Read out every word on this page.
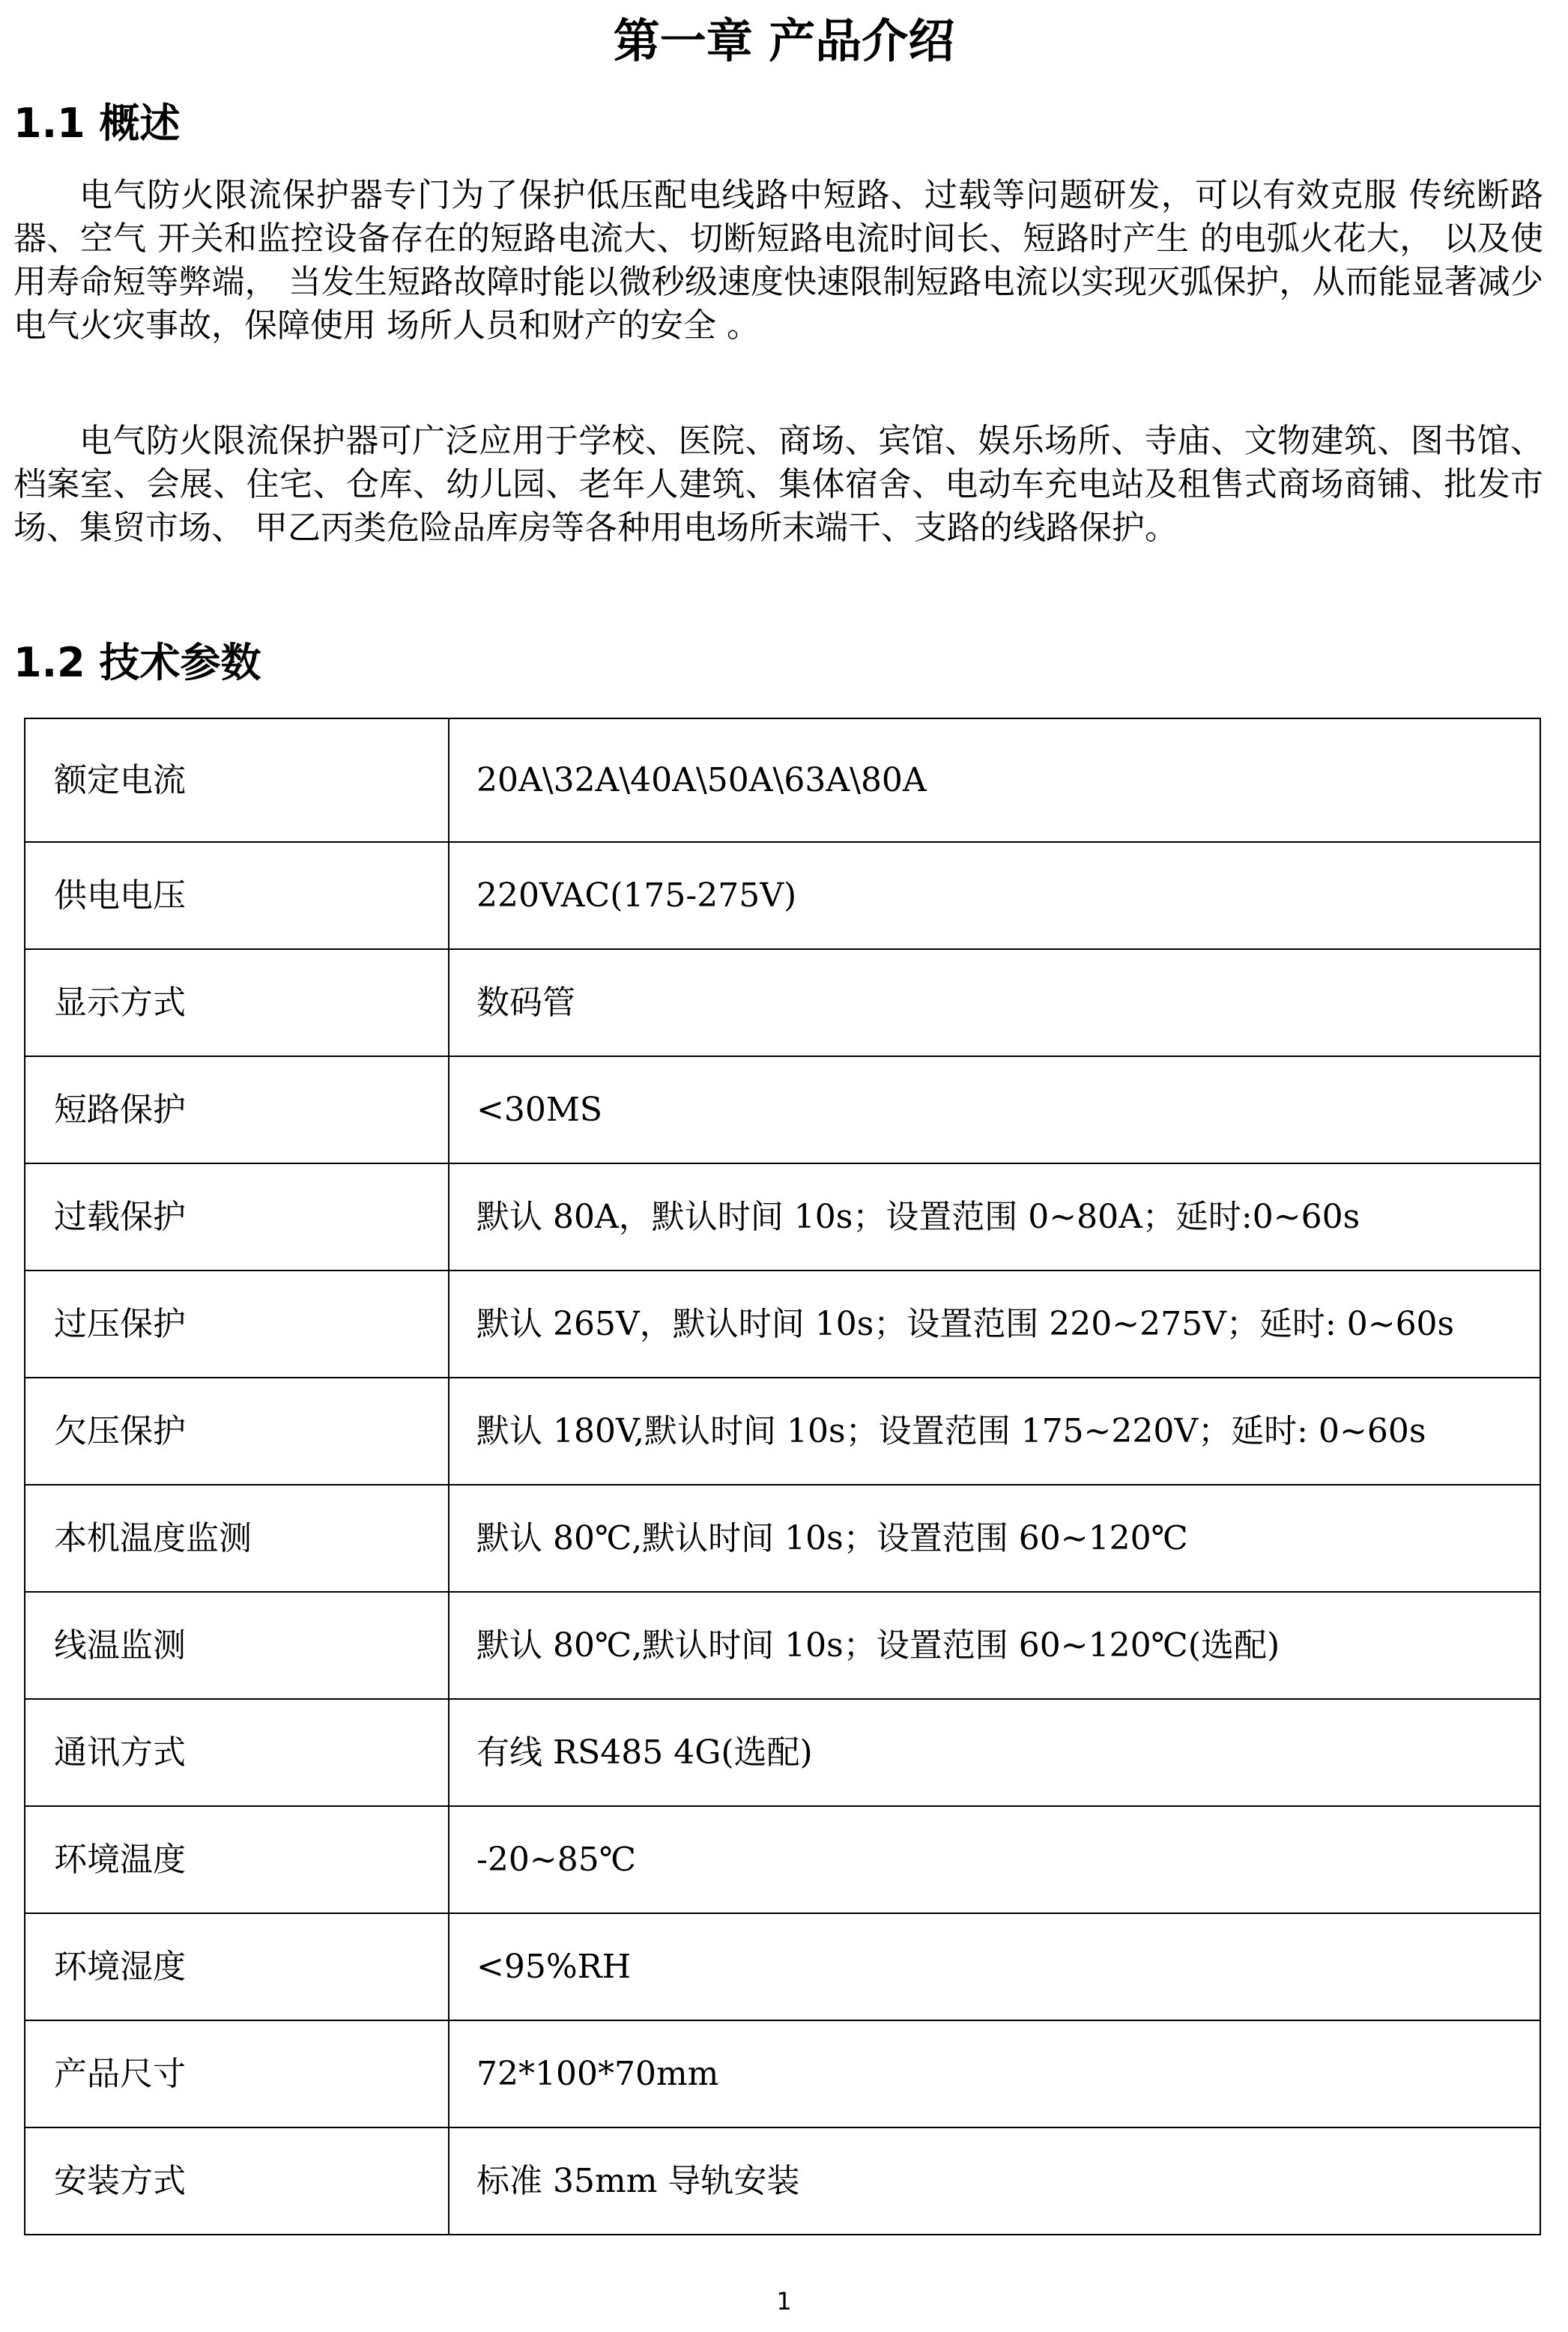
第一章 产品介绍
1.1 概述

电气防火限流保护器专门为了保护低压配电线路中短路、过载等问题研发，可以有效克服 传统断路器、空气 开关和监控设备存在的短路电流大、切断短路电流时间长、短路时产生 的电弧火花大， 以及使用寿命短等弊端， 当发生短路故障时能以微秒级速度快速限制短路电流以实现灭弧保护，从而能显著减少电气火灾事故，保障使用 场所人员和财产的安全 。

电气防火限流保护器可广泛应用于学校、医院、商场、宾馆、娱乐场所、寺庙、文物建筑、图书馆、档案室、会展、住宅、仓库、幼儿园、老年人建筑、集体宿舍、电动车充电站及租售式商场商铺、批发市场、集贸市场、 甲乙丙类危险品库房等各种用电场所末端干、支路的线路保护。

1.2 技术参数
额定电流	20A\32A\40A\50A\63A\80A
供电电压	220VAC(175-275V)
显示方式	数码管
短路保护	<30MS
过载保护	默认 80A，默认时间 10s；设置范围 0~80A；延时:0~60s
过压保护	默认 265V，默认时间 10s；设置范围 220~275V；延时: 0~60s
欠压保护	默认 180V,默认时间 10s；设置范围 175~220V；延时: 0~60s
本机温度监测	默认 80℃,默认时间 10s；设置范围 60~120℃
线温监测	默认 80℃,默认时间 10s；设置范围 60~120℃(选配)
通讯方式	有线 RS485 4G(选配)
环境温度	-20~85℃
环境湿度	<95%RH
产品尺寸	72*100*70mm
安装方式	标准 35mm 导轨安装
1
